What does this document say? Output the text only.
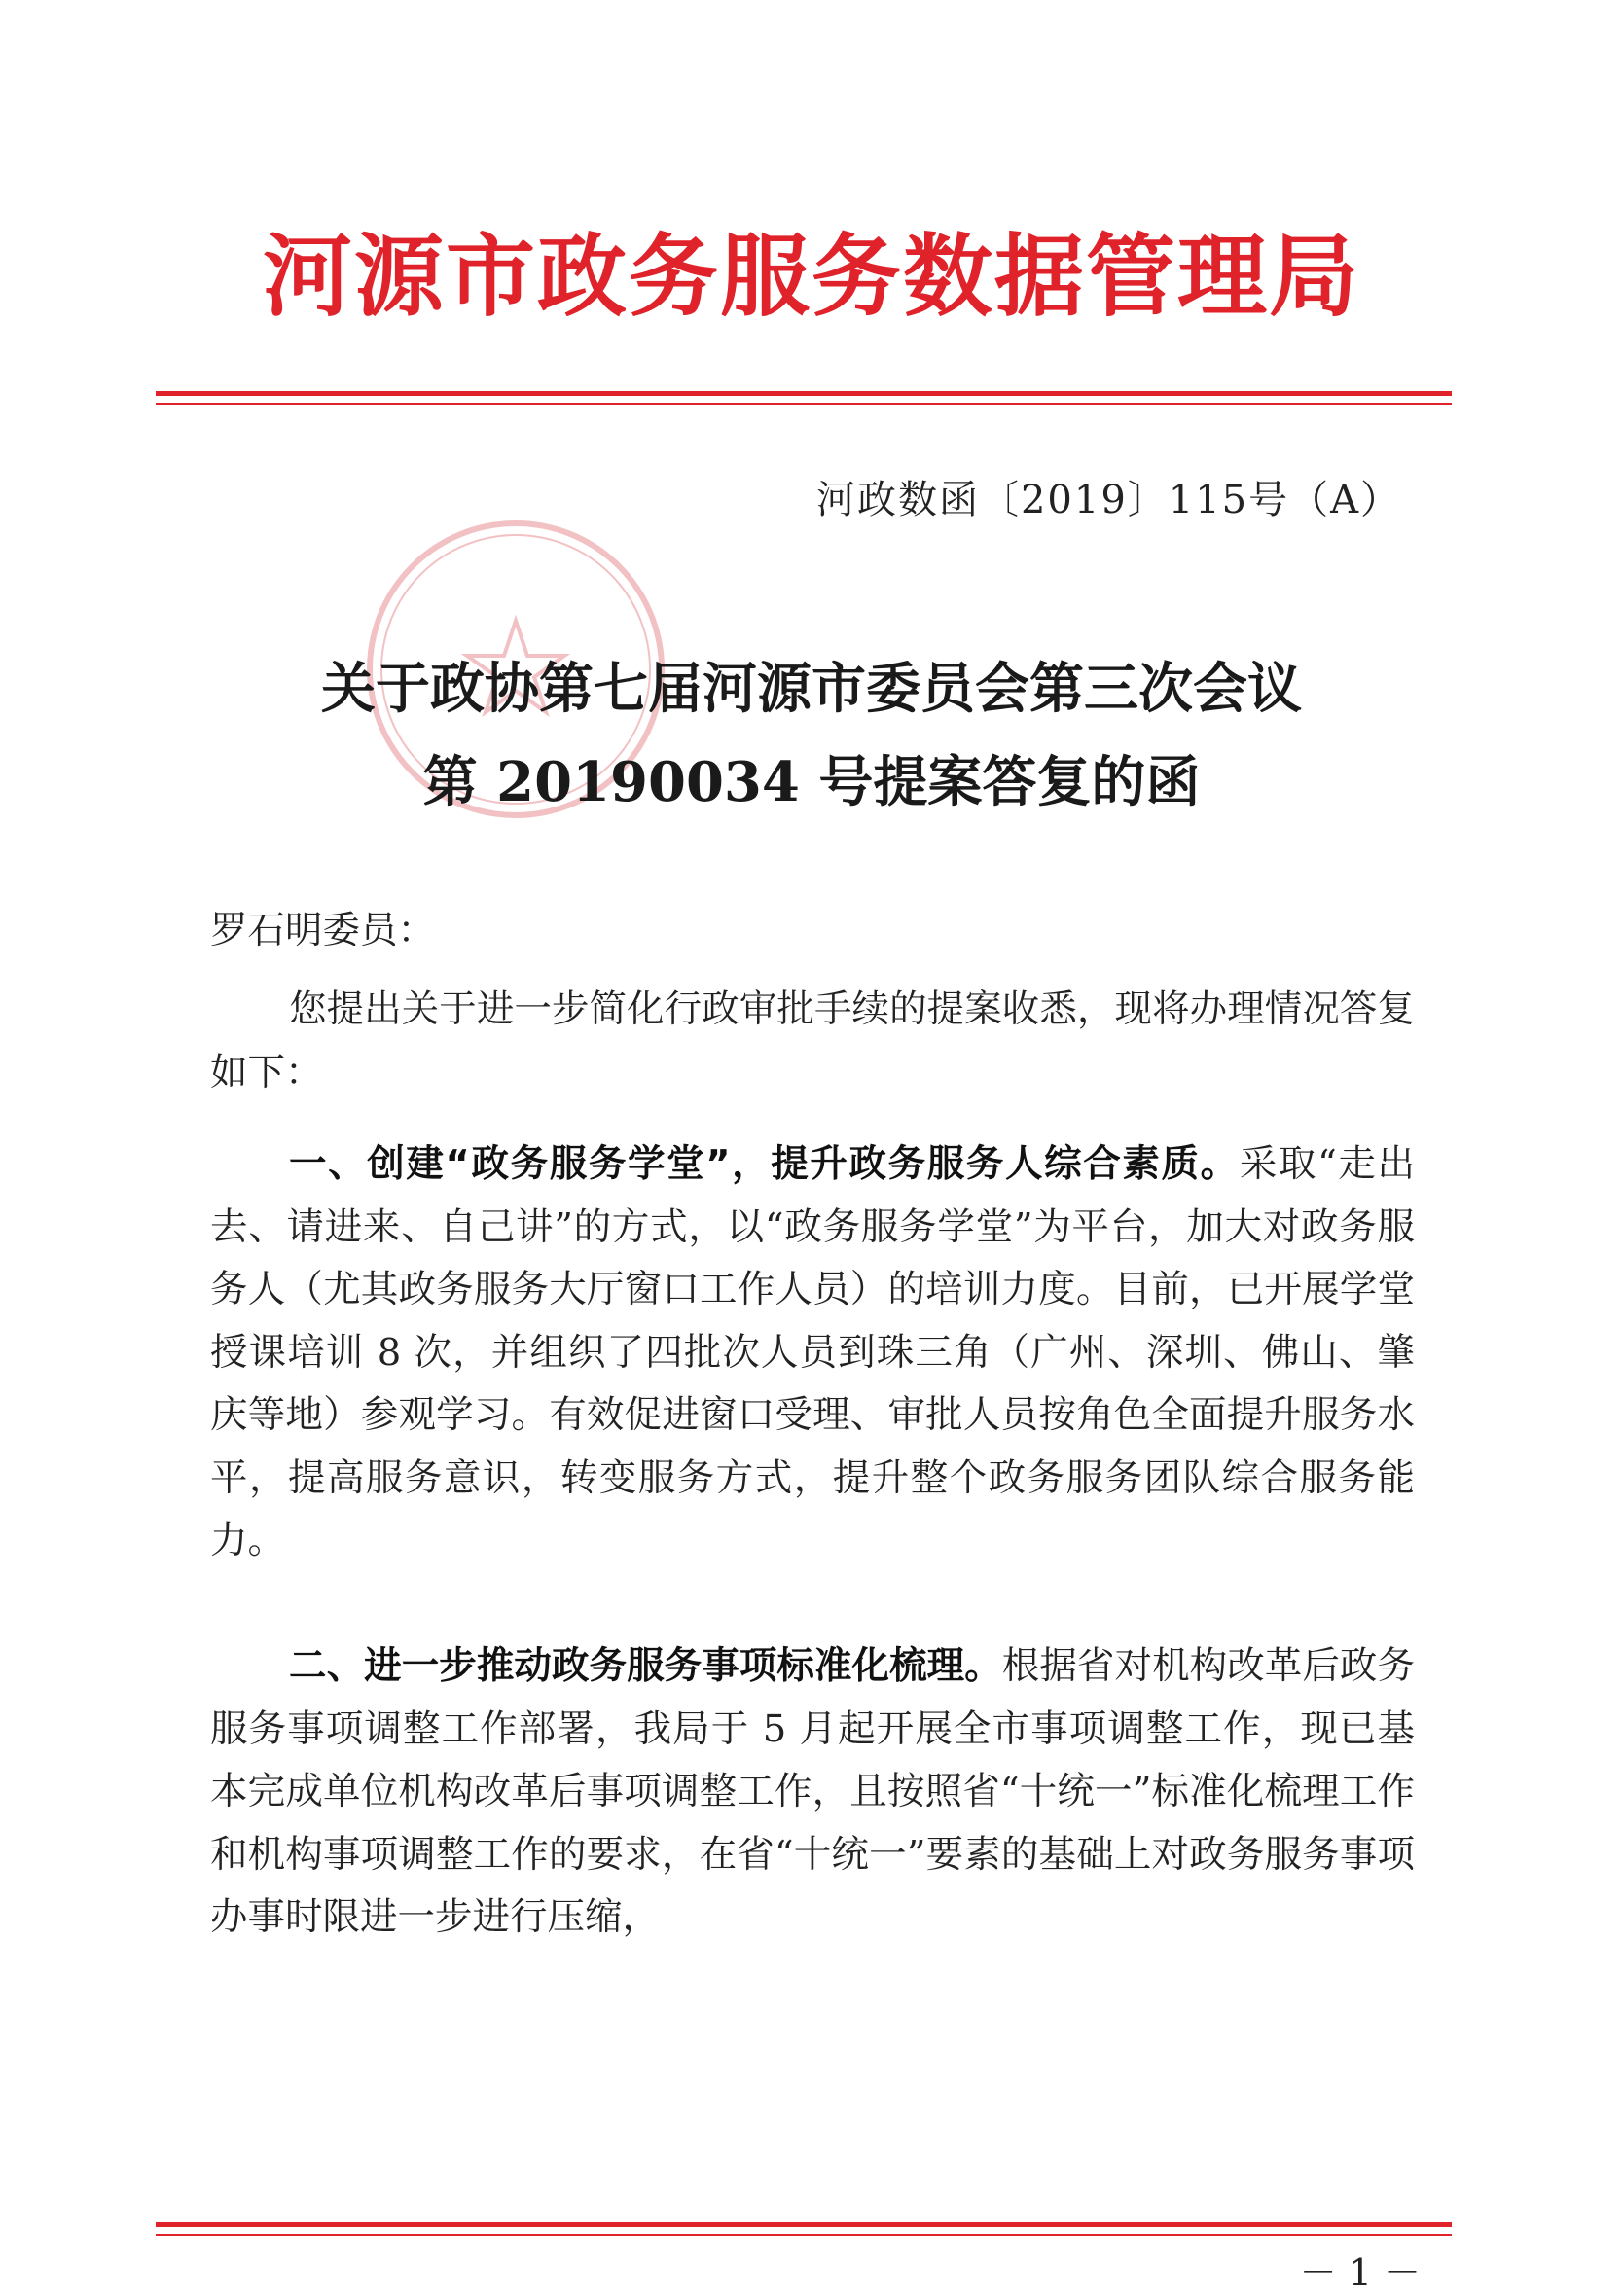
河源市政务服务数据管理局
河政数函〔2019〕115号（A）
关于政协第七届河源市委员会第三次会议
第 20190034 号提案答复的函
罗石明委员：
您提出关于进一步简化行政审批手续的提案收悉，现将办理情况答复如下：
一、创建“政务服务学堂”，提升政务服务人综合素质。采取“走出去、请进来、自己讲”的方式，以“政务服务学堂”为平台，加大对政务服务人（尤其政务服务大厅窗口工作人员）的培训力度。目前，已开展学堂授课培训 8 次，并组织了四批次人员到珠三角（广州、深圳、佛山、肇庆等地）参观学习。有效促进窗口受理、审批人员按角色全面提升服务水平，提高服务意识，转变服务方式，提升整个政务服务团队综合服务能力。
二、进一步推动政务服务事项标准化梳理。根据省对机构改革后政务服务事项调整工作部署，我局于 5 月起开展全市事项调整工作，现已基本完成单位机构改革后事项调整工作，且按照省“十统一”标准化梳理工作和机构事项调整工作的要求，在省“十统一”要素的基础上对政务服务事项办事时限进一步进行压缩，
－ 1 －
